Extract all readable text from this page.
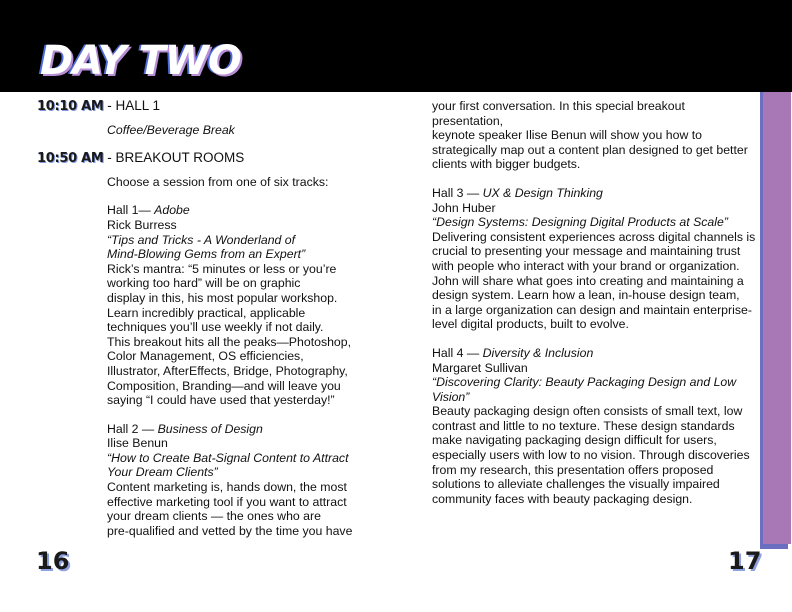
DAY TWO
10:10 AM - HALL 1

Coffee/Beverage Break

10:50 AM - BREAKOUT ROOMS

Choose a session from one of six tracks:

Hall 1— Adobe

Rick Burress

“Tips and Tricks - A Wonderland of

Mind-Blowing Gems from an Expert”

Rick’s mantra: “5 minutes or less or you’re

working too hard” will be on graphic

display in this, his most popular workshop.

Learn incredibly practical, applicable

techniques you’ll use weekly if not daily.

This breakout hits all the peaks—Photoshop,

Color Management, OS efficiencies,

Illustrator, AfterEffects, Bridge, Photography,

Composition, Branding—and will leave you

saying “I could have used that yesterday!”

Hall 2 — Business of Design

Ilise Benun

“How to Create Bat-Signal Content to Attract

Your Dream Clients”

Content marketing is, hands down, the most

effective marketing tool if you want to attract

your dream clients — the ones who are

pre-qualified and vetted by the time you have

your first conversation. In this special breakout presentation,

keynote speaker Ilise Benun will show you how to

strategically map out a content plan designed to get better

clients with bigger budgets.

Hall 3 — UX & Design Thinking

John Huber

“Design Systems: Designing Digital Products at Scale”

Delivering consistent experiences across digital channels is

crucial to presenting your message and maintaining trust

with people who interact with your brand or organization.

John will share what goes into creating and maintaining a

design system. Learn how a lean, in-house design team,

in a large organization can design and maintain enterprise-

level digital products, built to evolve.

Hall 4 — Diversity & Inclusion

Margaret Sullivan

“Discovering Clarity: Beauty Packaging Design and Low

Vision”

Beauty packaging design often consists of small text, low

contrast and little to no texture. These design standards

make navigating packaging design difficult for users,

especially users with low to no vision. Through discoveries

from my research, this presentation offers proposed

solutions to alleviate challenges the visually impaired

community faces with beauty packaging design.

16	17
